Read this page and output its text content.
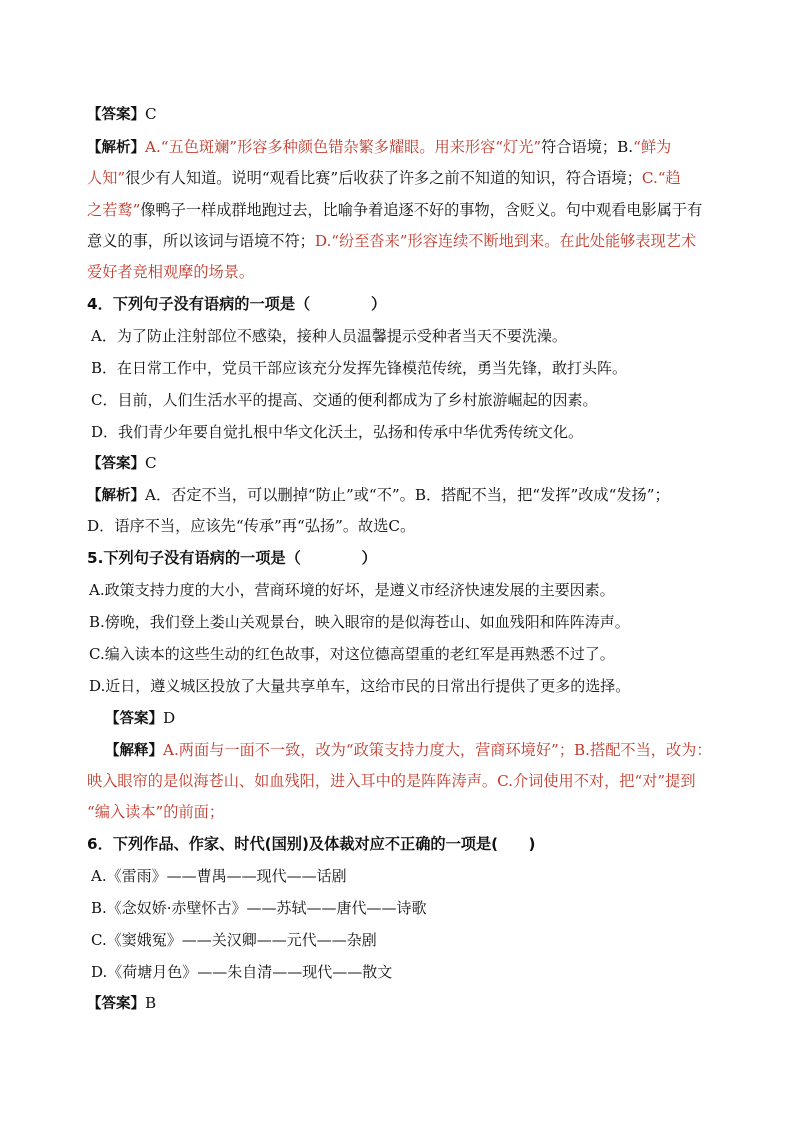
【答案】C
【解析】A.“五色斑斓”形容多种颜色错杂繁多耀眼。用来形容“灯光”符合语境；B.“鲜为
人知”很少有人知道。说明“观看比赛”后收获了许多之前不知道的知识，符合语境；C.“趋
之若鹜”像鸭子一样成群地跑过去，比喻争着追逐不好的事物，含贬义。句中观看电影属于有
意义的事，所以该词与语境不符；D.“纷至沓来”形容连续不断地到来。在此处能够表现艺术
爱好者竞相观摩的场景。
4．下列句子没有语病的一项是（　　　　）
A．为了防止注射部位不感染，接种人员温馨提示受种者当天不要洗澡。
B．在日常工作中，党员干部应该充分发挥先锋模范传统，勇当先锋，敢打头阵。
C．目前，人们生活水平的提高、交通的便利都成为了乡村旅游崛起的因素。
D．我们青少年要自觉扎根中华文化沃土，弘扬和传承中华优秀传统文化。
【答案】C
【解析】A．否定不当，可以删掉“防止”或“不”。B．搭配不当，把“发挥”改成“发扬”；
D．语序不当，应该先“传承”再“弘扬”。故选C。
5.下列句子没有语病的一项是（　　　　）
A.政策支持力度的大小，营商环境的好坏，是遵义市经济快速发展的主要因素。
B.傍晚，我们登上娄山关观景台，映入眼帘的是似海苍山、如血残阳和阵阵涛声。
C.编入读本的这些生动的红色故事，对这位德高望重的老红军是再熟悉不过了。
D.近日，遵义城区投放了大量共享单车，这给市民的日常出行提供了更多的选择。
【答案】D
【解释】A.两面与一面不一致，改为“政策支持力度大，营商环境好”；B.搭配不当，改为：
映入眼帘的是似海苍山、如血残阳，进入耳中的是阵阵涛声。C.介词使用不对，把“对”提到
“编入读本”的前面；
6．下列作品、作家、时代(国别)及体裁对应不正确的一项是(　　)
A.《雷雨》——曹禺——现代——话剧
B.《念奴娇·赤壁怀古》——苏轼——唐代——诗歌
C.《窦娥冤》——关汉卿——元代——杂剧
D.《荷塘月色》——朱自清——现代——散文
【答案】B
